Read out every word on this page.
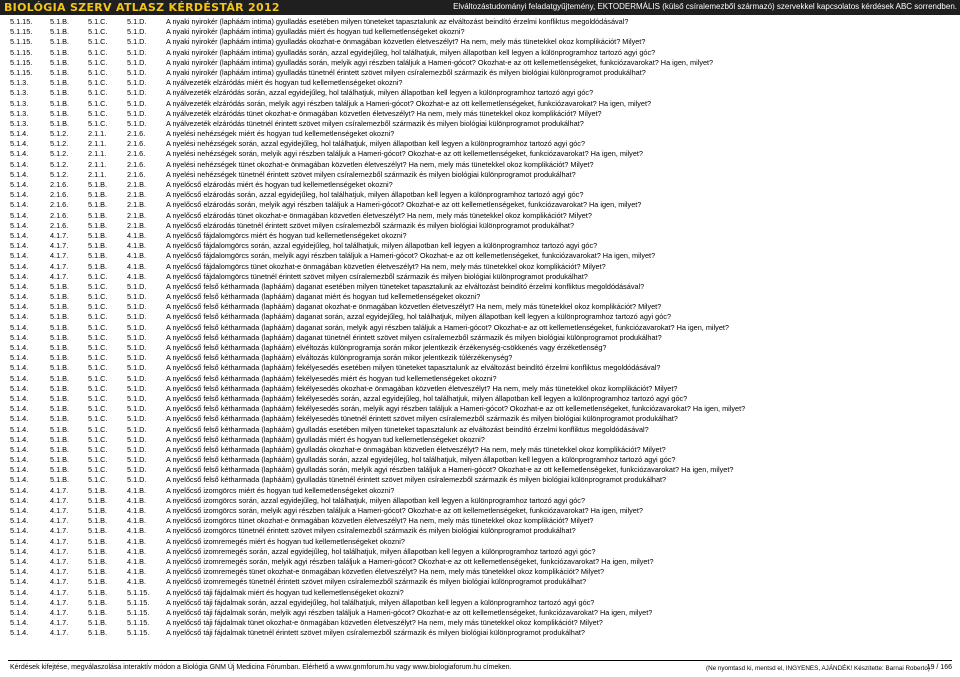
BIOLÓGIA SZERV ATLASZ KÉRDÉSTÁR 2012	Elváltozástudományi feladatgyűjtemény, EKTODERMÁLIS (külső csíralemezből származó) szervekkel kapcsolatos kérdések ABC sorrendben.
5.1.15. 5.1.B.	5.1.C.	5.1.D.	A nyaki nyirokér (lapháám intima) gyulladás esetében milyen tüneteket tapasztalunk az elváltozást beindító érzelmi konfliktus megoldódásával?
5.1.15. 5.1.B.	5.1.C.	5.1.D.	A nyaki nyirokér (lapháám intima) gyulladás miért és hogyan tud kellemetlenségeket okozni?
5.1.15. 5.1.B.	5.1.C.	5.1.D.	A nyaki nyirokér (lapháám intima) gyulladás okozhat-e önmagában közvetlen életveszélyt? Ha nem, mely más tünetekkel okoz komplikációt? Milyet?
5.1.15. 5.1.B.	5.1.C.	5.1.D.	A nyaki nyirokér (lapháám intima) gyulladás során, azzal egyidejűleg, hol találhatjuk, milyen állapotban kell legyen a különprogramhoz tartozó agyi góc?
5.1.15. 5.1.B.	5.1.C.	5.1.D.	A nyaki nyirokér (lapháám intima) gyulladás során, melyik agyi részben találjuk a Hameri-gócot? Okozhat-e az ott kellemetlenségeket, funkciózavarokat? Ha igen, milyet?
5.1.15. 5.1.B.	5.1.C.	5.1.D.	A nyaki nyirokér (lapháám intima) gyulladás tünetnél érintett szövet milyen csíralemezből származik és milyen biológiai különprogramot produkálhat?
5.1.3.	5.1.B.	5.1.C.	5.1.D.	A nyálvezeték elzáródás miért és hogyan tud kellemetlenségeket okozni?
5.1.3.	5.1.B.	5.1.C.	5.1.D.	A nyálvezeték elzáródás során, azzal egyidejűleg, hol találhatjuk, milyen állapotban kell legyen a különprogramhoz tartozó agyi góc?
5.1.3.	5.1.B.	5.1.C.	5.1.D.	A nyálvezeték elzáródás során, melyik agyi részben találjuk a Hameri-gócot? Okozhat-e az ott kellemetlenségeket, funkciózavarokat? Ha igen, milyet?
5.1.3.	5.1.B.	5.1.C.	5.1.D.	A nyálvezeték elzáródás tünet okozhat-e önmagában közvetlen életveszélyt? Ha nem, mely más tünetekkel okoz komplikációt? Milyet?
5.1.3.	5.1.B.	5.1.C.	5.1.D.	A nyálvezeték elzáródás tünetnél érintett szövet milyen csíralemezből származik és milyen biológiai különprogramot produkálhat?
5.1.4.	5.1.2.	2.1.1.	2.1.6.	A nyelési nehézségek miért és hogyan tud kellemetlenségeket okozni?
5.1.4.	5.1.2.	2.1.1.	2.1.6.	A nyelési nehézségek során, azzal egyidejűleg, hol találhatjuk, milyen állapotban kell legyen a különprogramhoz tartozó agyi góc?
5.1.4.	5.1.2.	2.1.1.	2.1.6.	A nyelési nehézségek során, melyik agyi részben találjuk a Hameri-gócot? Okozhat-e az ott kellemetlenségeket, funkciózavarokat? Ha igen, milyet?
5.1.4.	5.1.2.	2.1.1.	2.1.6.	A nyelési nehézségek tünet okozhat-e önmagában közvetlen életveszélyt? Ha nem, mely más tünetekkel okoz komplikációt? Milyet?
5.1.4.	5.1.2.	2.1.1.	2.1.6.	A nyelési nehézségek tünetnél érintett szövet milyen csíralemezből származik és milyen biológiai különprogramot produkálhat?
5.1.4.	2.1.6.	5.1.B.	2.1.B.	A nyelőcső elzárodás miért és hogyan tud kellemetlenségeket okozni?
5.1.4.	2.1.6.	5.1.B.	2.1.B.	A nyelőcső elzárodás során, azzal egyidejűleg, hol találhatjuk, milyen állapotban kell legyen a különprogramhoz tartozó agyi góc?
5.1.4.	2.1.6.	5.1.B.	2.1.B.	A nyelőcső elzárodás során, melyik agyi részben találjuk a Hameri-gócot? Okozhat-e az ott kellemetlenségeket, funkciózavarokat? Ha igen, milyet?
5.1.4.	2.1.6.	5.1.B.	2.1.B.	A nyelőcső elzárodás tünet okozhat-e önmagában közvetlen életveszélyt? Ha nem, mely más tünetekkel okoz komplikációt? Milyet?
5.1.4.	2.1.6.	5.1.B.	2.1.B.	A nyelőcső elzárodás tünetnél érintett szövet milyen csíralemezből származik és milyen biológiai különprogramot produkálhat?
5.1.4.	4.1.7.	5.1.B.	4.1.B.	A nyelőcső fájdalomgörcs miért és hogyan tud kellemetlenségeket okozni?
5.1.4.	4.1.7.	5.1.B.	4.1.B.	A nyelőcső fájdalomgörcs során, azzal egyidejűleg, hol találhatjuk, milyen állapotban kell legyen a különprogramhoz tartozó agyi góc?
5.1.4.	4.1.7.	5.1.B.	4.1.B.	A nyelőcső fájdalomgörcs során, melyik agyi részben találjuk a Hameri-gócot? Okozhat-e az ott kellemetlenségeket, funkciózavarokat? Ha igen, milyet?
5.1.4.	4.1.7.	5.1.B.	4.1.B.	A nyelőcső fájdalomgörcs tünet okozhat-e önmagában közvetlen életveszélyt? Ha nem, mely más tünetekkel okoz komplikációt? Milyet?
5.1.4.	4.1.7.	5.1.C.	4.1.B.	A nyelőcső fájdalomgörcs tünetnél érintett szövet milyen csíralemezből származik és milyen biológiai különprogramot produkálhat?
5.1.4.	5.1.B.	5.1.C.	5.1.D.	A nyelőcső felső kétharmada (lapháám) daganat esetében milyen tüneteket tapasztalunk az elváltozást beindító érzelmi konfliktus megoldódásával?
5.1.4.	5.1.B.	5.1.C.	5.1.D.	A nyelőcső felső kétharmada (lapháám) daganat miért és hogyan tud kellemetlenségeket okozni?
5.1.4.	5.1.B.	5.1.C.	5.1.D.	A nyelőcső felső kétharmada (lapháám) daganat okozhat-e önmagában közvetlen életveszélyt? Ha nem, mely más tünetekkel okoz komplikációt? Milyet?
5.1.4.	5.1.B.	5.1.C.	5.1.D.	A nyelőcső felső kétharmada (lapháám) daganat során, azzal egyidejűleg, hol találhatjuk, milyen állapotban kell legyen a különprogramhoz tartozó agyi góc?
5.1.4.	5.1.B.	5.1.C.	5.1.D.	A nyelőcső felső kétharmada (lapháám) daganat során, melyik agyi részben találjuk a Hameri-gócot? Okozhat-e az ott kellemetlenségeket, funkciózavarokat? Ha igen, milyet?
5.1.4.	5.1.B.	5.1.C.	5.1.D.	A nyelőcső felső kétharmada (lapháám) daganat tünetnél érintett szövet milyen csíralemezből származik és milyen biológiai különprogramot produkálhat?
5.1.4.	5.1.B.	5.1.C.	5.1.D.	A nyelőcső felső kétharmada (lapháám) elvéltozás különprogramja során mikor jelentkezik érzékenység-csökkenés vagy érzéketlenség?
5.1.4.	5.1.B.	5.1.C.	5.1.D.	A nyelőcső felső kétharmada (lapháám) elváltozás különprogramja során mikor jelentkezik túlérzékenység?
5.1.4.	5.1.B.	5.1.C.	5.1.D.	A nyelőcső felső kétharmada (lapháám) fekélyesedés esetében milyen tüneteket tapasztalunk az elváltozást beindító érzelmi konfliktus megoldódásával?
5.1.4.	5.1.B.	5.1.C.	5.1.D.	A nyelőcső felső kétharmada (lapháám) fekélyesedés miért és hogyan tud kellemetlenségeket okozni?
5.1.4.	5.1.B.	5.1.C.	5.1.D.	A nyelőcső felső kétharmada (lapháám) fekélyesedés okozhat-e önmagában közvetlen életveszélyt? Ha nem, mely más tünetekkel okoz komplikációt? Milyet?
5.1.4.	5.1.B.	5.1.C.	5.1.D.	A nyelőcső felső kétharmada (lapháám) fekélyesedés során, azzal egyidejűleg, hol találhatjuk, milyen állapotban kell legyen a különprogramhoz tartozó agyi góc?
5.1.4.	5.1.B.	5.1.C.	5.1.D.	A nyelőcső felső kétharmada (lapháám) fekélyesedés során, melyik agyi részben találjuk a Hameri-gócot? Okozhat-e az ott kellemetlenségeket, funkciózavarokat? Ha igen, milyet?
5.1.4.	5.1.B.	5.1.C.	5.1.D.	A nyelőcső felső kétharmada (lapháám) fekélyesedés tünetnél érintett szövet milyen csíralemezből származik és milyen biológiai különprogramot produkálhat?
5.1.4.	5.1.B.	5.1.C.	5.1.D.	A nyelőcső felső kétharmada (lapháám) gyulladás esetében milyen tüneteket tapasztalunk az elváltozást beindító érzelmi konfliktus megoldódásával?
5.1.4.	5.1.B.	5.1.C.	5.1.D.	A nyelőcső felső kétharmada (lapháám) gyulladás miért és hogyan tud kellemetlenségeket okozni?
5.1.4.	5.1.B.	5.1.C.	5.1.D.	A nyelőcső felső kétharmada (lapháám) gyulladás okozhat-e önmagában közvetlen életveszélyt? Ha nem, mely más tünetekkel okoz komplikációt? Milyet?
5.1.4.	5.1.B.	5.1.C.	5.1.D.	A nyelőcső felső kétharmada (lapháám) gyulladás során, azzal egyidejűleg, hol találhatjuk, milyen állapotban kell legyen a különprogramhoz tartozó agyi góc?
5.1.4.	5.1.B.	5.1.C.	5.1.D.	A nyelőcső felső kétharmada (lapháám) gyulladás során, melyik agyi részben találjuk a Hameri-gócot? Okozhat-e az ott kellemetlenségeket, funkciózavarokat? Ha igen, milyet?
5.1.4.	5.1.B.	5.1.C.	5.1.D.	A nyelőcső felső kétharmada (lapháám) gyulladás tünetnél érintett szövet milyen csíralemezből származik és milyen biológiai különprogramot produkálhat?
5.1.4.	4.1.7.	5.1.B.	4.1.B.	A nyelőcső izomgörcs miért és hogyan tud kellemetlenségeket okozni?
5.1.4.	4.1.7.	5.1.B.	4.1.B.	A nyelőcső izomgörcs során, azzal egyidejűleg, hol találhatjuk, milyen állapotban kell legyen a különprogramhoz tartozó agyi góc?
5.1.4.	4.1.7.	5.1.B.	4.1.B.	A nyelőcső izomgörcs során, melyik agyi részben találjuk a Hameri-gócot? Okozhat-e az ott kellemetlenségeket, funkciózavarokat? Ha igen, milyet?
5.1.4.	4.1.7.	5.1.B.	4.1.B.	A nyelőcső izomgörcs tünet okozhat-e önmagában közvetlen életveszélyt? Ha nem, mely más tünetekkel okoz komplikációt? Milyet?
5.1.4.	4.1.7.	5.1.B.	4.1.B.	A nyelőcső izomgörcs tünetnél érintett szövet milyen csíralemezből származik és milyen biológiai különprogramot produkálhat?
5.1.4.	4.1.7.	5.1.B.	4.1.B.	A nyelőcső izomremegés miért és hogyan tud kellemetlenségeket okozni?
5.1.4.	4.1.7.	5.1.B.	4.1.B.	A nyelőcső izomremegés során, azzal egyidejűleg, hol találhatjuk, milyen állapotban kell legyen a különprogramhoz tartozó agyi góc?
5.1.4.	4.1.7.	5.1.B.	4.1.B.	A nyelőcső izomremegés során, melyik agyi részben találjuk a Hameri-gócot? Okozhat-e az ott kellemetlenségeket, funkciózavarokat? Ha igen, milyet?
5.1.4.	4.1.7.	5.1.B.	4.1.B.	A nyelőcső izomremegés tünet okozhat-e önmagában közvetlen életveszélyt? Ha nem, mely más tünetekkel okoz komplikációt? Milyet?
5.1.4.	4.1.7.	5.1.B.	4.1.B.	A nyelőcső izomremegés tünetnél érintett szövet milyen csíralemezből származik és milyen biológiai különprogramot produkálhat?
5.1.4.	4.1.7.	5.1.B.	5.1.15. A nyelőcső táji fájdalmak miért és hogyan tud kellemetlenségeket okozni?
5.1.4.	4.1.7.	5.1.B.	5.1.15. A nyelőcső táji fájdalmak során, azzal egyidejűleg, hol találhatjuk, milyen állapotban kell legyen a különprogramhoz tartozó agyi góc?
5.1.4.	4.1.7.	5.1.B.	5.1.15. A nyelőcső táji fájdalmak során, melyik agyi részben találjuk a Hameri-gócot? Okozhat-e az ott kellemetlenségeket, funkciózavarokat? Ha igen, milyet?
5.1.4.	4.1.7.	5.1.B.	5.1.15. A nyelőcső táji fájdalmak tünet okozhat-e önmagában közvetlen életveszélyt? Ha nem, mely más tünetekkel okoz komplikációt? Milyet?
5.1.4.	4.1.7.	5.1.B.	5.1.15. A nyelőcső táji fájdalmak tünetnél érintett szövet milyen csíralemezből származik és milyen biológiai különprogramot produkálhat?
Kérdések kifejtése, megválaszolása interaktív módon a Biológia GNM Új Medicina Fórumban. Elérhető a www.gnmforum.hu vagy www.biologiaforum.hu címeken.	(Ne nyomtasd ki, mentsd el, INGYENES, AJÁNDÉK! Készítette: Barnai Roberto)
19 / 166
